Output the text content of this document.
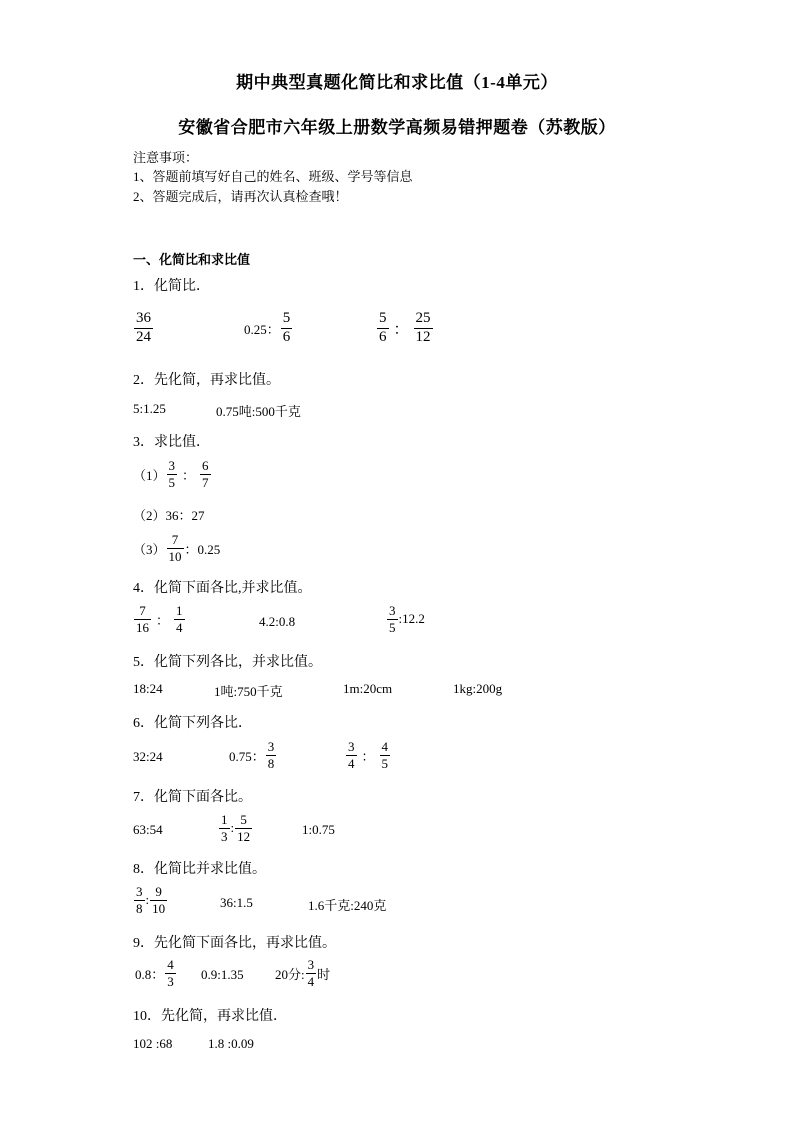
期中典型真题化简比和求比值（1-4单元）
安徽省合肥市六年级上册数学高频易错押题卷（苏教版）
注意事项：
1、答题前填写好自己的姓名、班级、学号等信息
2、答题完成后，请再次认真检查哦！
一、化简比和求比值
1．化简比．
$\frac{36}{24}$	0.25： $\frac{5}{6}$	$\frac{5}{6}$ ： $\frac{25}{12}$
2．先化简，再求比值。
5:1.25	0.75吨:500千克
3．求比值．
$(1) \frac{3}{5}$ ： $\frac{6}{7}$
（2）36：27
$(3) \frac{7}{10}$ ：0.25
4．化简下面各比,并求比值。
$\frac{7}{16}$ ： $\frac{1}{4}$	4.2:0.8	$\frac{3}{5}$ :12.2
5．化简下列各比，并求比值。
18:24	1吨:750千克	1m:20cm	1kg:200g
6．化简下列各比．
32:24	0.75： $\frac{3}{8}$	$\frac{3}{4}$ ： $\frac{4}{5}$
7．化简下面各比。
63:54	$\frac{1}{3}$ : $\frac{5}{12}$	1:0.75
8．化简比并求比值。
$\frac{3}{8}$ : $\frac{9}{10}$	36:1.5	1.6千克:240克
9．先化简下面各比，再求比值。
0.8： $\frac{4}{3}$ 0.9:1.35 20分: $\frac{3}{4}$ 时
10．先化简，再求比值．
102 :68	1.8 :0.09
